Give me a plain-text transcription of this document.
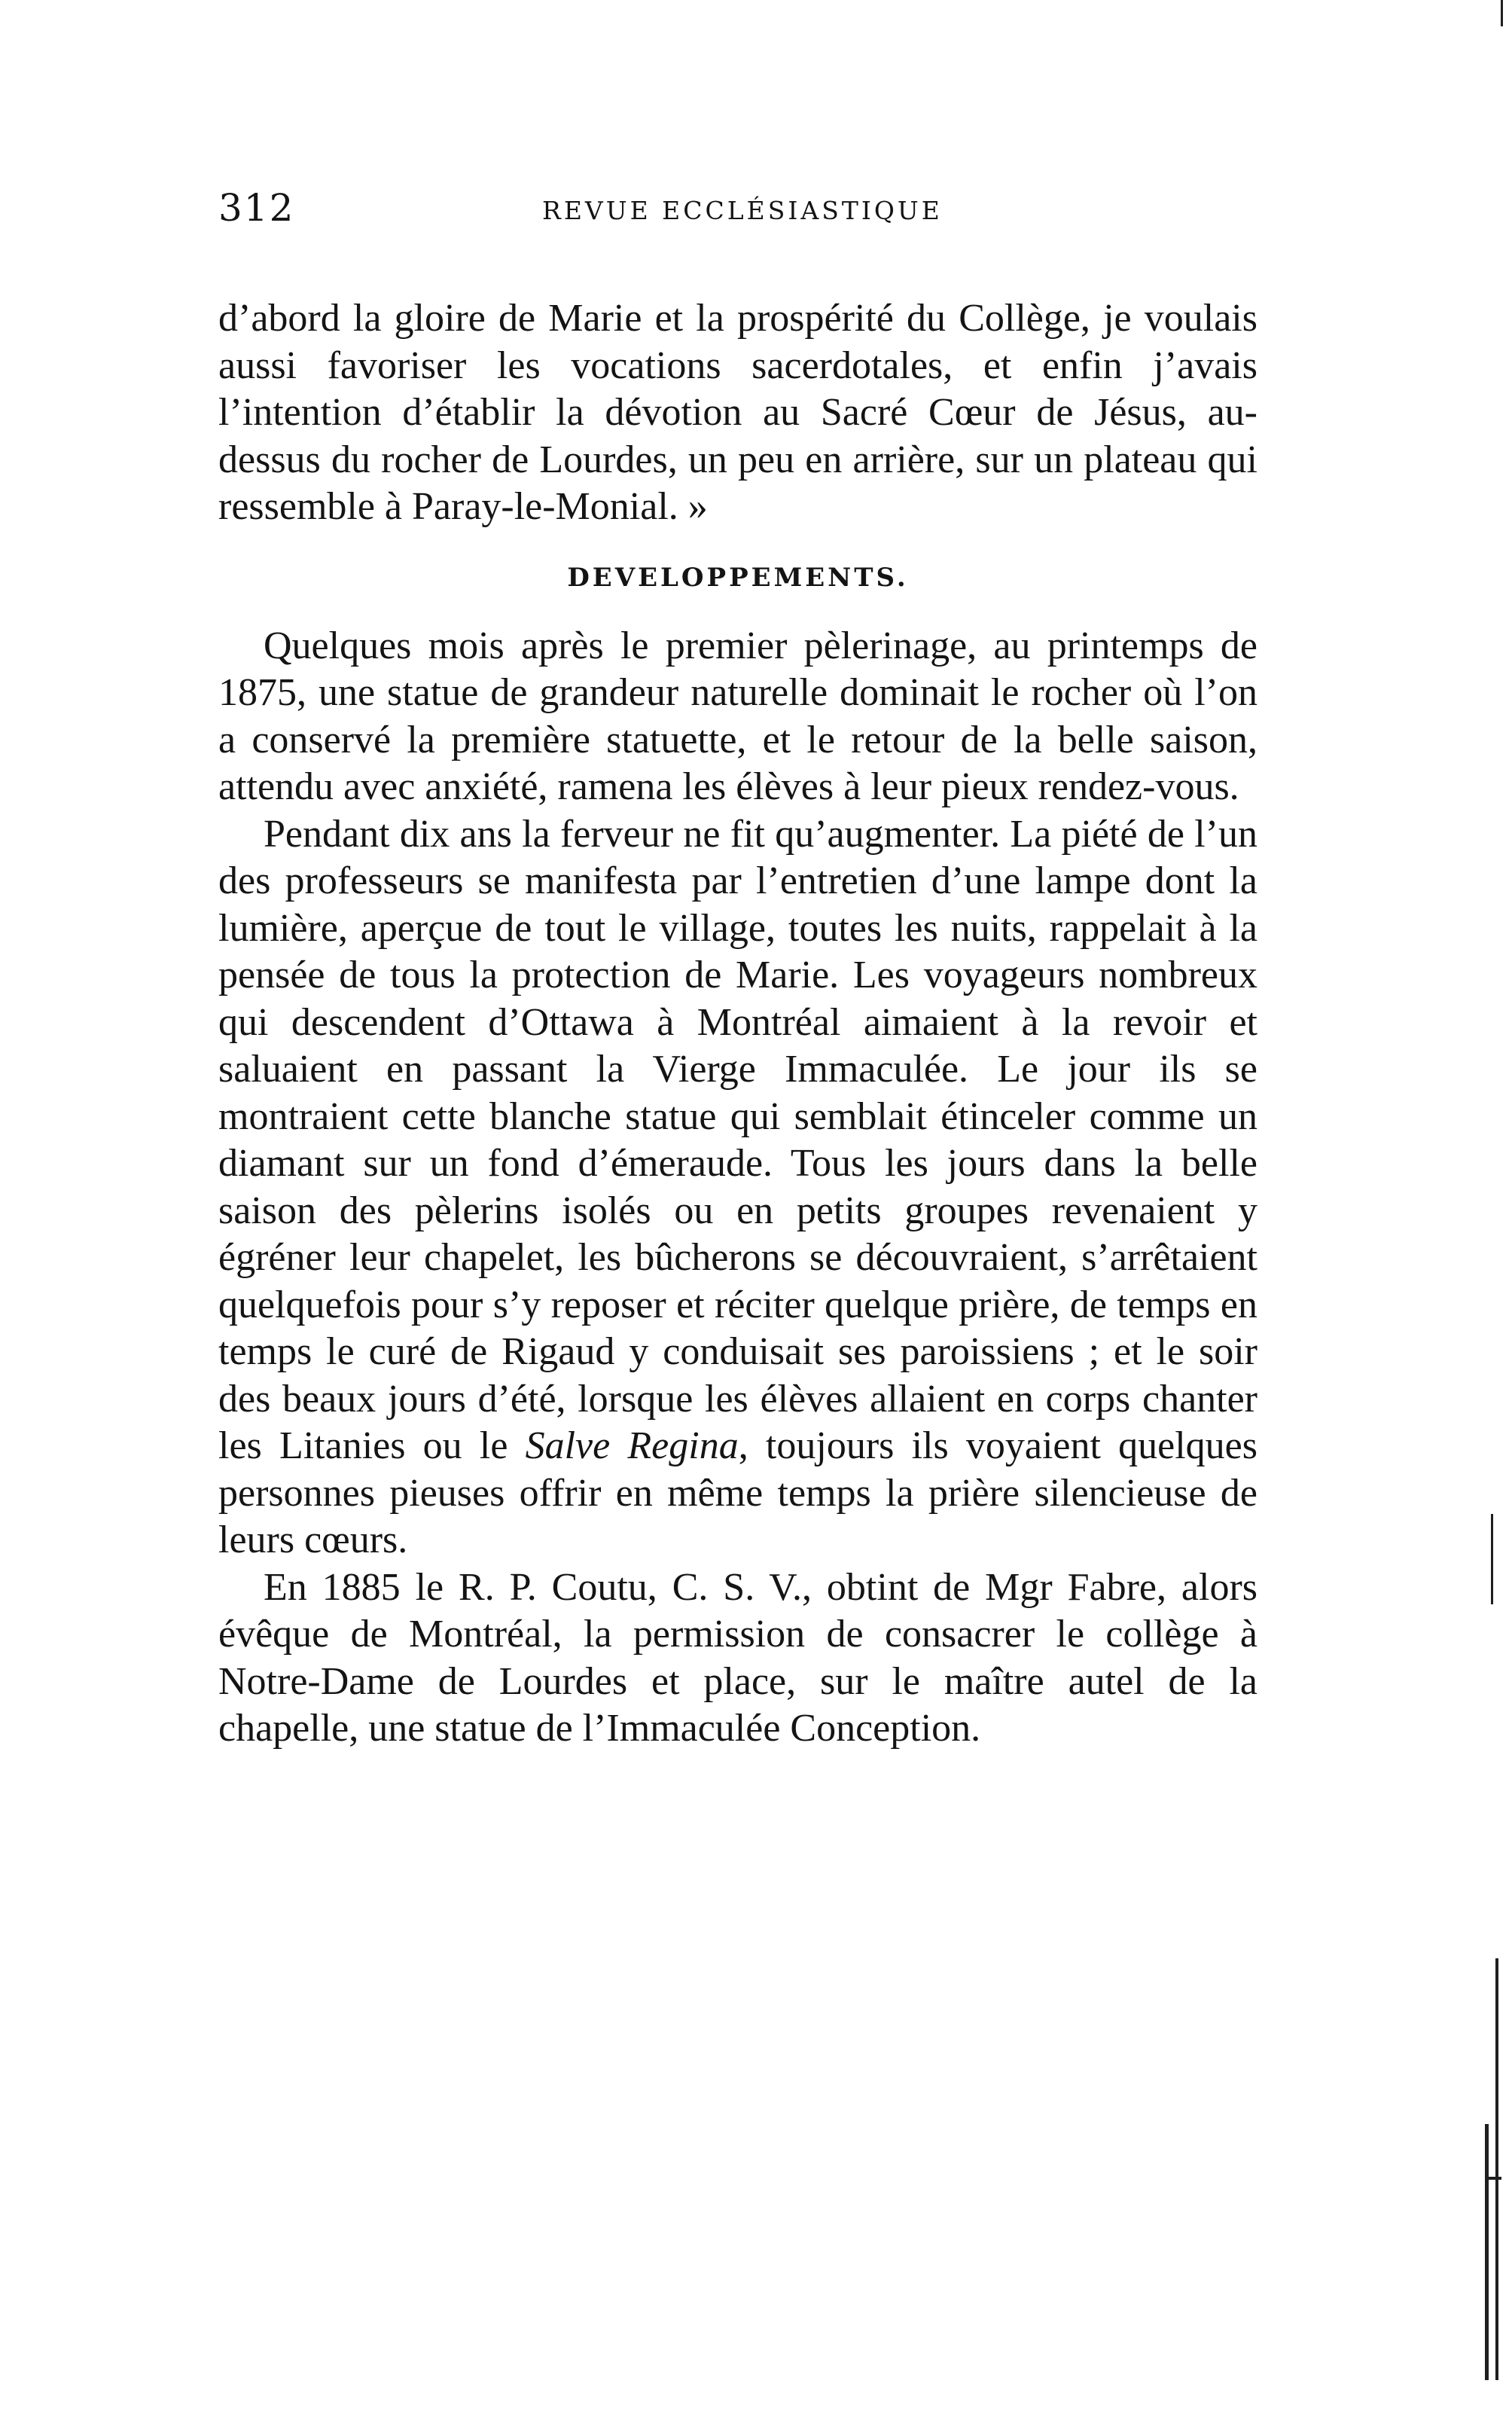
312	REVUE ECCLÉSIASTIQUE

d’abord la gloire de Marie et la prospérité du Collège, je voulais aussi favoriser les vocations sacerdotales, et enfin j’avais l’intention d’établir la dévotion au Sacré Cœur de Jésus, au-dessus du rocher de Lourdes, un peu en arrière, sur un plateau qui ressemble à Paray-le-Monial. »

DEVELOPPEMENTS.

Quelques mois après le premier pèlerinage, au printemps de 1875, une statue de grandeur naturelle dominait le rocher où l’on a conservé la première statuette, et le retour de la belle saison, attendu avec anxiété, ramena les élèves à leur pieux rendez-vous.

Pendant dix ans la ferveur ne fit qu’augmenter. La piété de l’un des professeurs se manifesta par l’entretien d’une lampe dont la lumière, aperçue de tout le village, toutes les nuits, rappelait à la pensée de tous la protection de Marie. Les voyageurs nombreux qui descendent d’Ottawa à Montréal aimaient à la revoir et saluaient en passant la Vierge Immaculée. Le jour ils se montraient cette blanche statue qui semblait étinceler comme un diamant sur un fond d’émeraude. Tous les jours dans la belle saison des pèlerins isolés ou en petits groupes revenaient y égréner leur chapelet, les bûcherons se découvraient, s’arrêtaient quelquefois pour s’y reposer et réciter quelque prière, de temps en temps le curé de Rigaud y conduisait ses paroissiens ; et le soir des beaux jours d’été, lorsque les élèves allaient en corps chanter les Litanies ou le Salve Regina, toujours ils voyaient quelques personnes pieuses offrir en même temps la prière silencieuse de leurs cœurs.

En 1885 le R. P. Coutu, C. S. V., obtint de Mgr Fabre, alors évêque de Montréal, la permission de consacrer le collège à Notre-Dame de Lourdes et place, sur le maître autel de la chapelle, une statue de l’Immaculée Conception.
